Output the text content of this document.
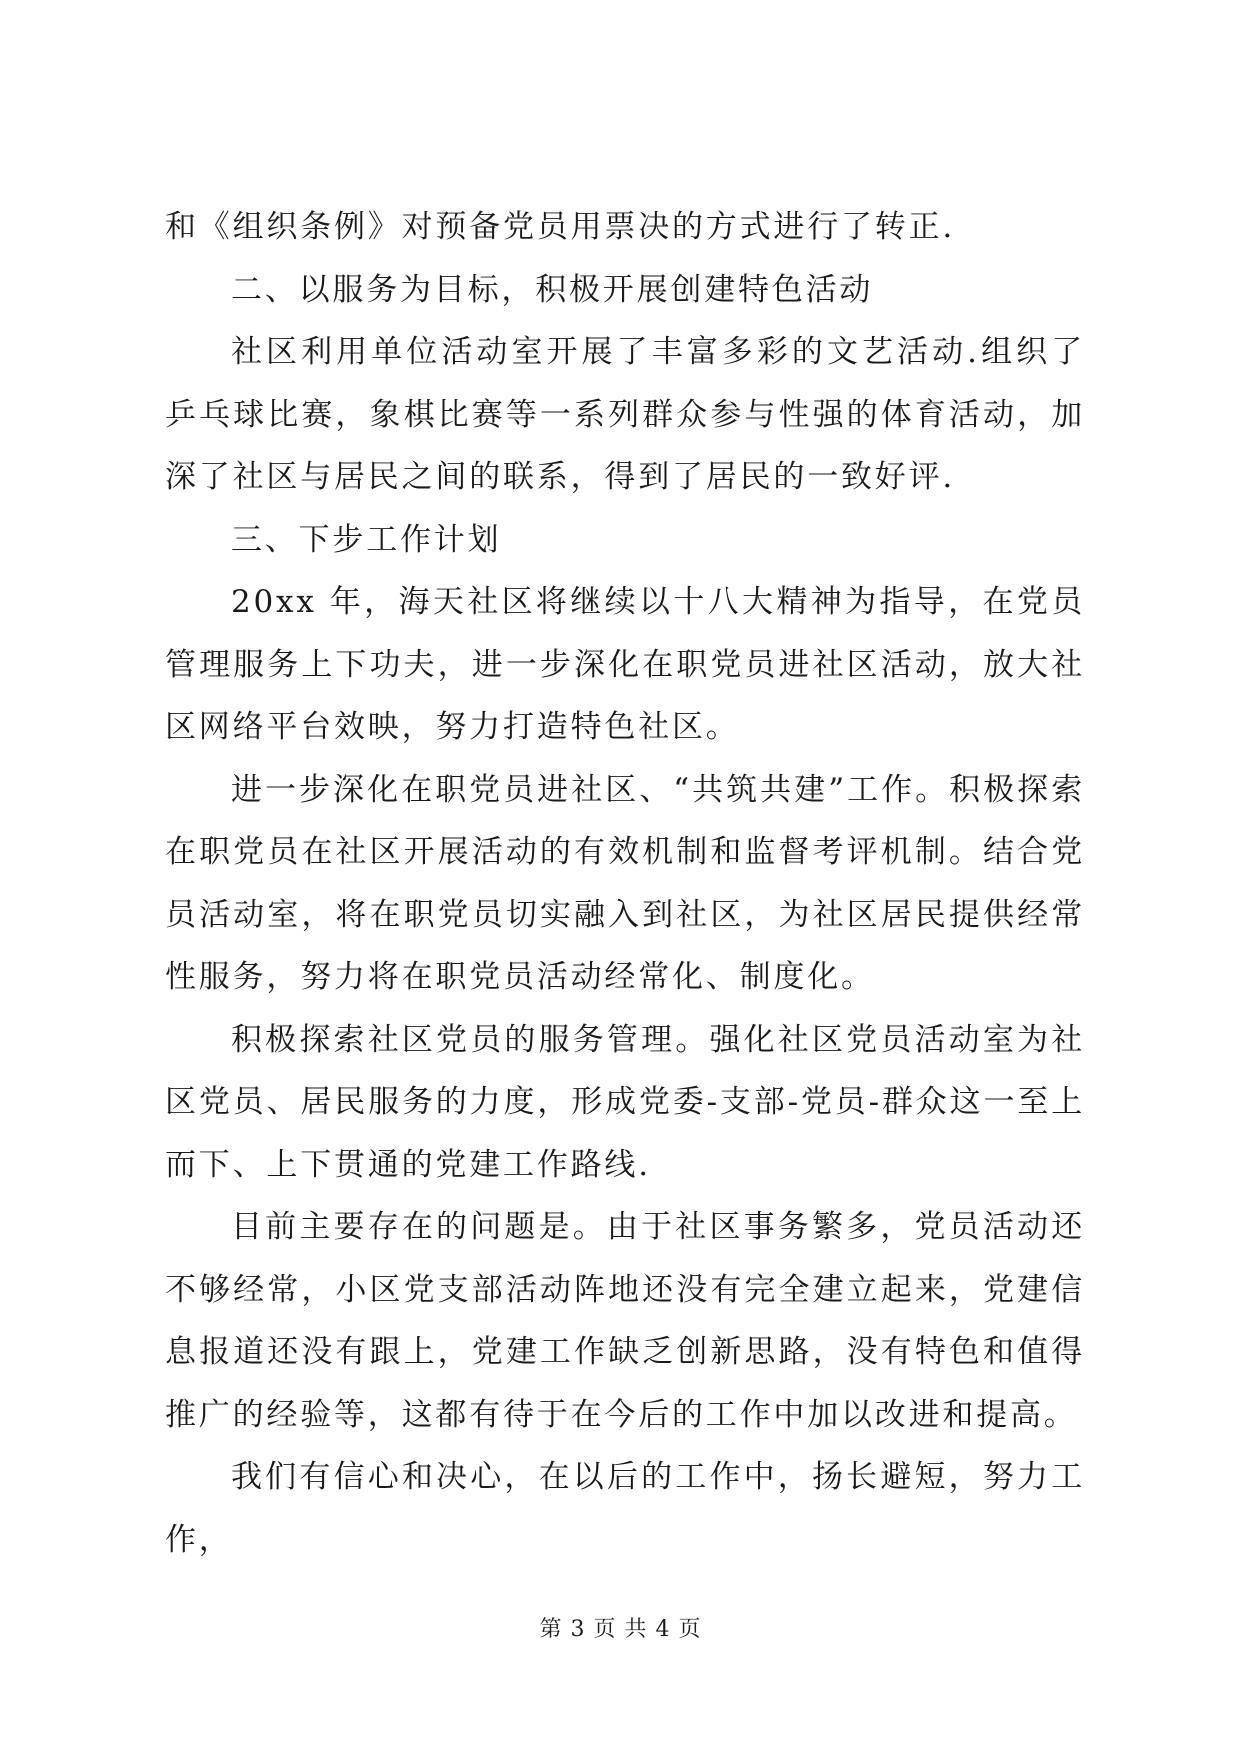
和《组织条例》对预备党员用票决的方式进行了转正.

二、以服务为目标，积极开展创建特色活动

社区利用单位活动室开展了丰富多彩的文艺活动.组织了乒乓球比赛，象棋比赛等一系列群众参与性强的体育活动，加深了社区与居民之间的联系，得到了居民的一致好评.

三、下步工作计划

20xx 年，海天社区将继续以十八大精神为指导，在党员管理服务上下功夫，进一步深化在职党员进社区活动，放大社区网络平台效映，努力打造特色社区。

进一步深化在职党员进社区、“共筑共建”工作。积极探索在职党员在社区开展活动的有效机制和监督考评机制。结合党员活动室，将在职党员切实融入到社区，为社区居民提供经常性服务，努力将在职党员活动经常化、制度化。

积极探索社区党员的服务管理。强化社区党员活动室为社区党员、居民服务的力度，形成党委-支部-党员-群众这一至上而下、上下贯通的党建工作路线.

目前主要存在的问题是。由于社区事务繁多，党员活动还不够经常，小区党支部活动阵地还没有完全建立起来，党建信息报道还没有跟上，党建工作缺乏创新思路，没有特色和值得推广的经验等，这都有待于在今后的工作中加以改进和提高。

我们有信心和决心，在以后的工作中，扬长避短，努力工作，

第 3 页 共 4 页
